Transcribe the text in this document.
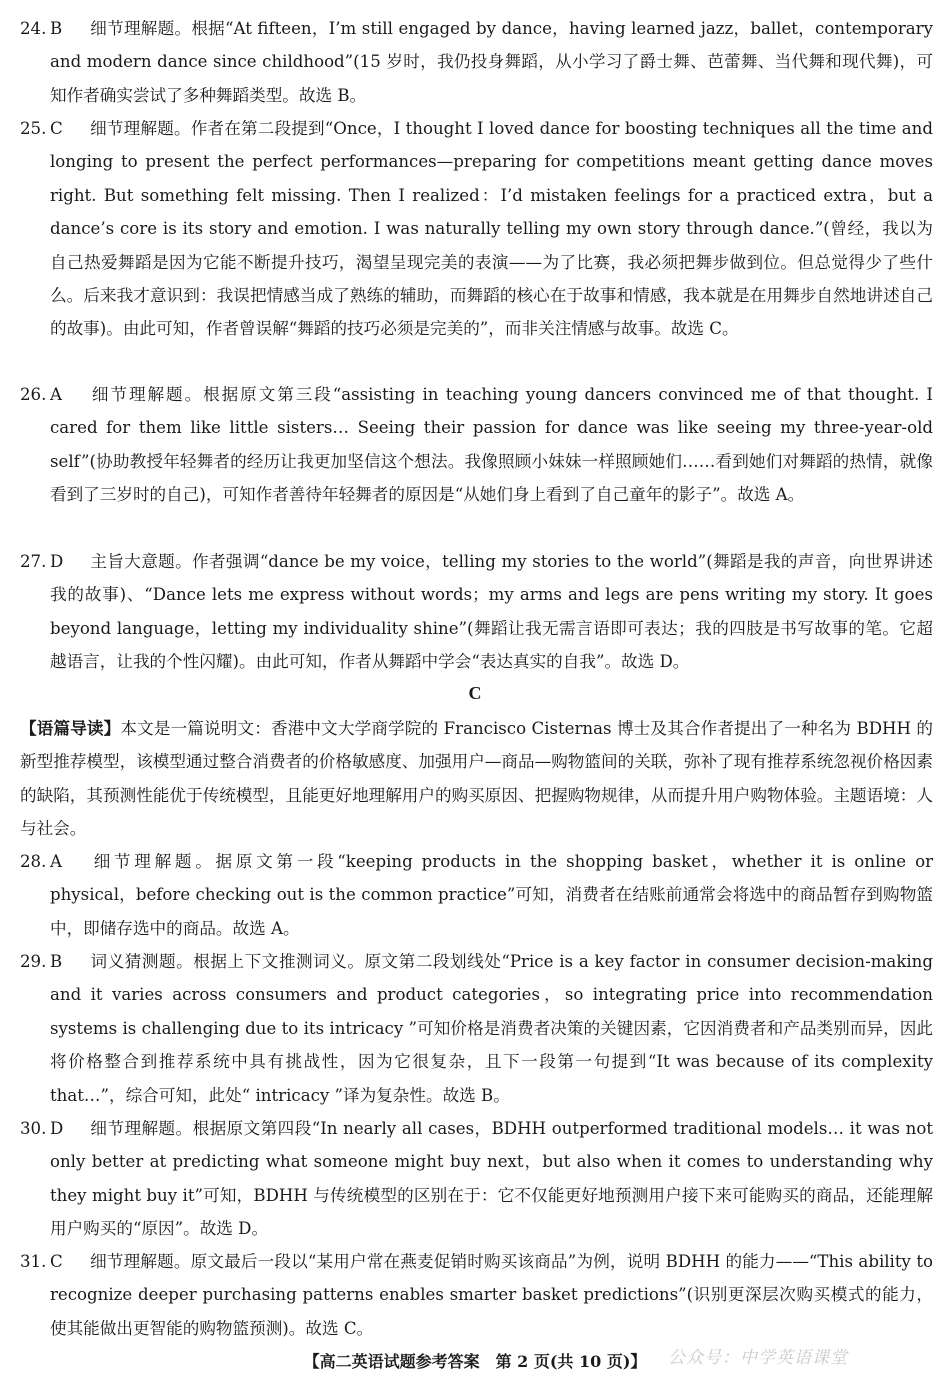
24. B 细节理解题。根据“At fifteen，I’m still engaged by dance，having learned jazz，ballet，contemporary and modern dance since childhood”(15 岁时，我仍投身舞蹈，从小学习了爵士舞、芭蕾舞、当代舞和现代舞)，可知作者确实尝试了多种舞蹈类型。故选 B。

25. C 细节理解题。作者在第二段提到“Once，I thought I loved dance for boosting techniques all the time and longing to present the perfect performances—preparing for competitions meant getting dance moves right. But something felt missing. Then I realized：I’d mistaken feelings for a practiced extra，but a dance’s core is its story and emotion. I was naturally telling my own story through dance.”(曾经，我以为自己热爱舞蹈是因为它能不断提升技巧，渴望呈现完美的表演——为了比赛，我必须把舞步做到位。但总觉得少了些什么。后来我才意识到：我误把情感当成了熟练的辅助，而舞蹈的核心在于故事和情感，我本就是在用舞步自然地讲述自己的故事)。由此可知，作者曾误解“舞蹈的技巧必须是完美的”，而非关注情感与故事。故选 C。

26. A 细节理解题。根据原文第三段“assisting in teaching young dancers convinced me of that thought. I cared for them like little sisters… Seeing their passion for dance was like seeing my three-year-old self”(协助教授年轻舞者的经历让我更加坚信这个想法。我像照顾小妹妹一样照顾她们……看到她们对舞蹈的热情，就像看到了三岁时的自己)，可知作者善待年轻舞者的原因是“从她们身上看到了自己童年的影子”。故选 A。

27. D 主旨大意题。作者强调“dance be my voice，telling my stories to the world”(舞蹈是我的声音，向世界讲述我的故事)、“Dance lets me express without words；my arms and legs are pens writing my story. It goes beyond language，letting my individuality shine”(舞蹈让我无需言语即可表达；我的四肢是书写故事的笔。它超越语言，让我的个性闪耀)。由此可知，作者从舞蹈中学会“表达真实的自我”。故选 D。

C

【语篇导读】本文是一篇说明文：香港中文大学商学院的 Francisco Cisternas 博士及其合作者提出了一种名为 BDHH 的新型推荐模型，该模型通过整合消费者的价格敏感度、加强用户—商品—购物篮间的关联，弥补了现有推荐系统忽视价格因素的缺陷，其预测性能优于传统模型，且能更好地理解用户的购买原因、把握购物规律，从而提升用户购物体验。主题语境：人与社会。

28. A 细节理解题。据原文第一段“keeping products in the shopping basket，whether it is online or physical，before checking out is the common practice”可知，消费者在结账前通常会将选中的商品暂存到购物篮中，即储存选中的商品。故选 A。

29. B 词义猜测题。根据上下文推测词义。原文第二段划线处“Price is a key factor in consumer decision-making and it varies across consumers and product categories，so integrating price into recommendation systems is challenging due to its intricacy ”可知价格是消费者决策的关键因素，它因消费者和产品类别而异，因此将价格整合到推荐系统中具有挑战性，因为它很复杂，且下一段第一句提到“It was because of its complexity that…”，综合可知，此处“ intricacy ”译为复杂性。故选 B。

30. D 细节理解题。根据原文第四段“In nearly all cases，BDHH outperformed traditional models… it was not only better at predicting what someone might buy next，but also when it comes to understanding why they might buy it”可知，BDHH 与传统模型的区别在于：它不仅能更好地预测用户接下来可能购买的商品，还能理解用户购买的“原因”。故选 D。

31. C 细节理解题。原文最后一段以“某用户常在燕麦促销时购买该商品”为例，说明 BDHH 的能力——“This ability to recognize deeper purchasing patterns enables smarter basket predictions”(识别更深层次购买模式的能力，使其能做出更智能的购物篮预测)。故选 C。

【高二英语试题参考答案　第 2 页(共 10 页)】	公众号：中学英语课堂
